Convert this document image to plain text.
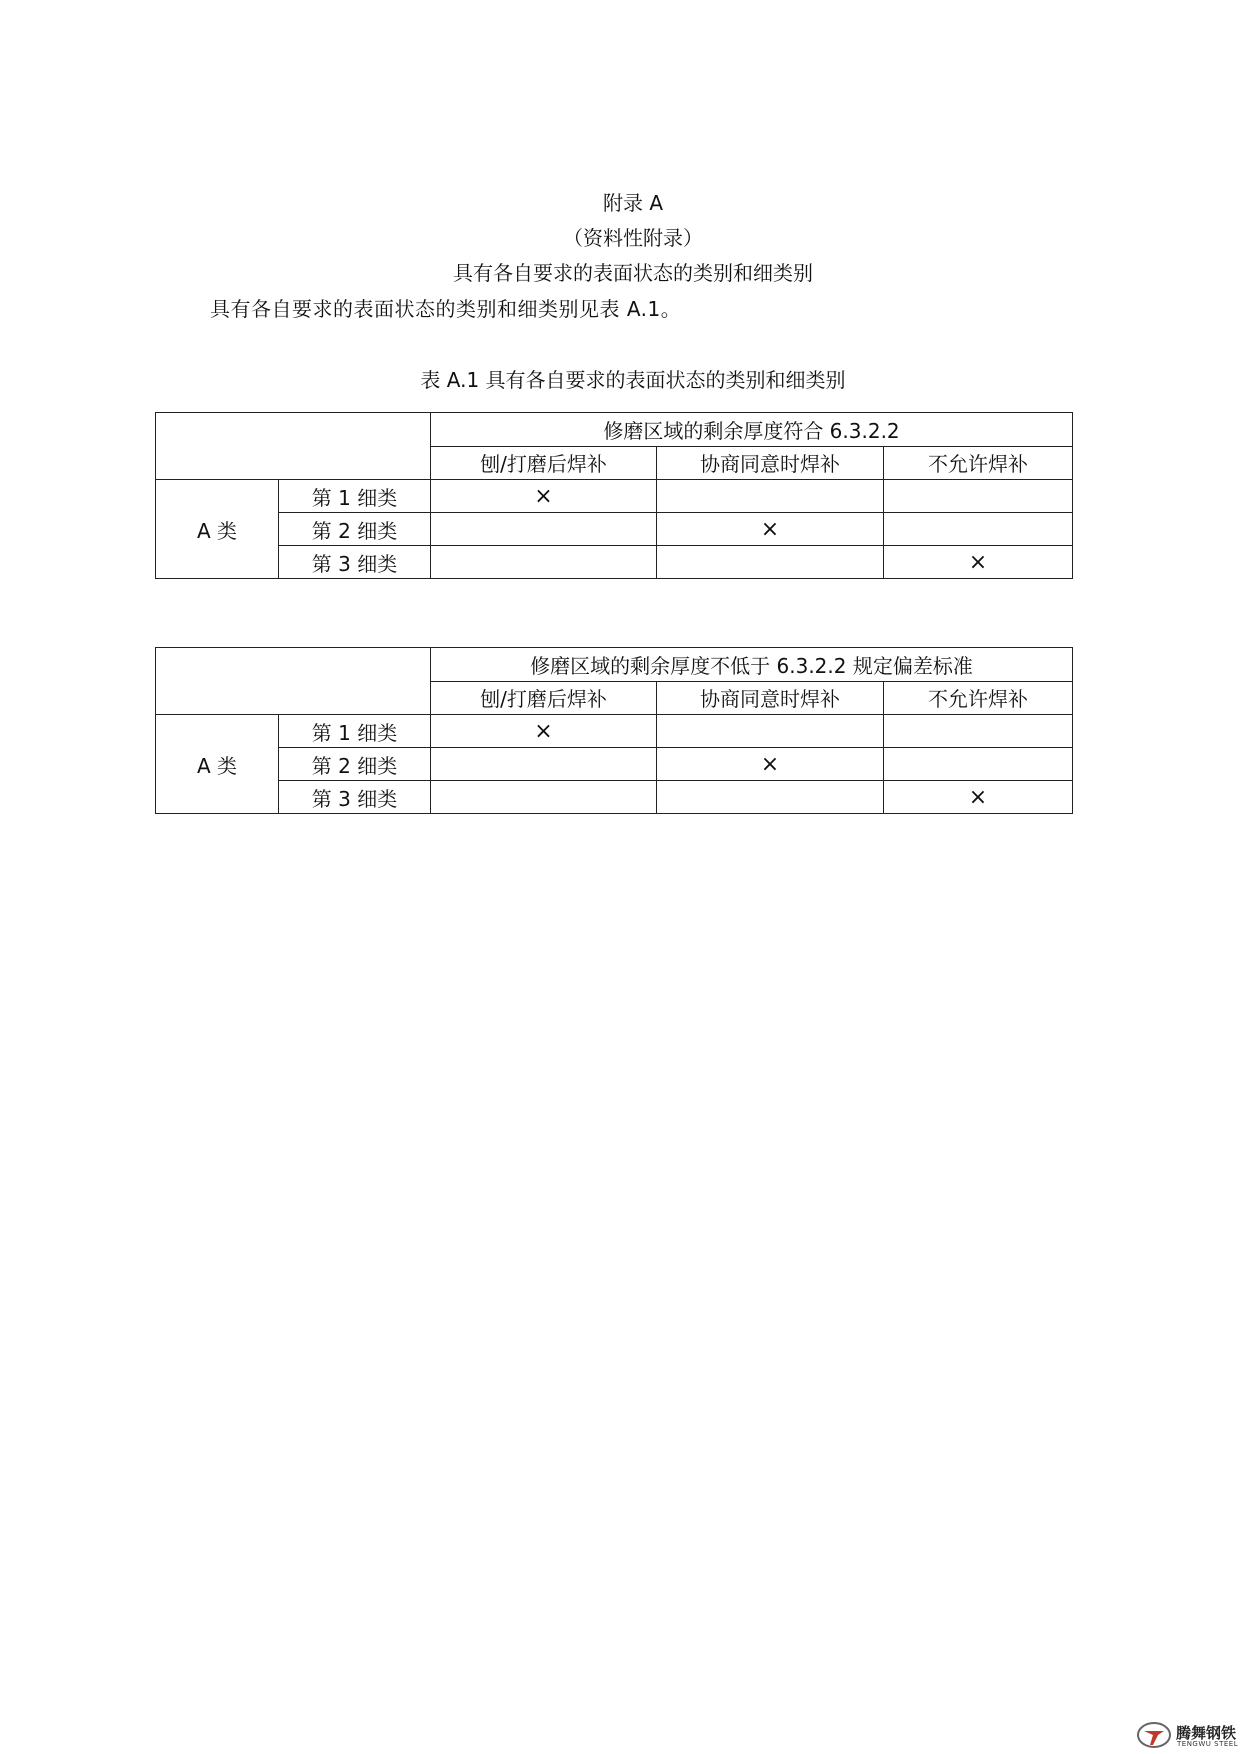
附录 A

（资料性附录）

具有各自要求的表面状态的类别和细类别

具有各自要求的表面状态的类别和细类别见表 A.1。

表 A.1 具有各自要求的表面状态的类别和细类别

		修磨区域的剩余厚度符合 6.3.2.2		
		刨/打磨后焊补	协商同意时焊补	不允许焊补
A 类	第 1 细类	×		
	第 2 细类		×	
	第 3 细类			×
		修磨区域的剩余厚度不低于 6.3.2.2 规定偏差标准		
		刨/打磨后焊补	协商同意时焊补	不允许焊补
A 类	第 1 细类	×		
	第 2 细类		×	
	第 3 细类			×
腾舞钢铁
TENGWU STEEL
